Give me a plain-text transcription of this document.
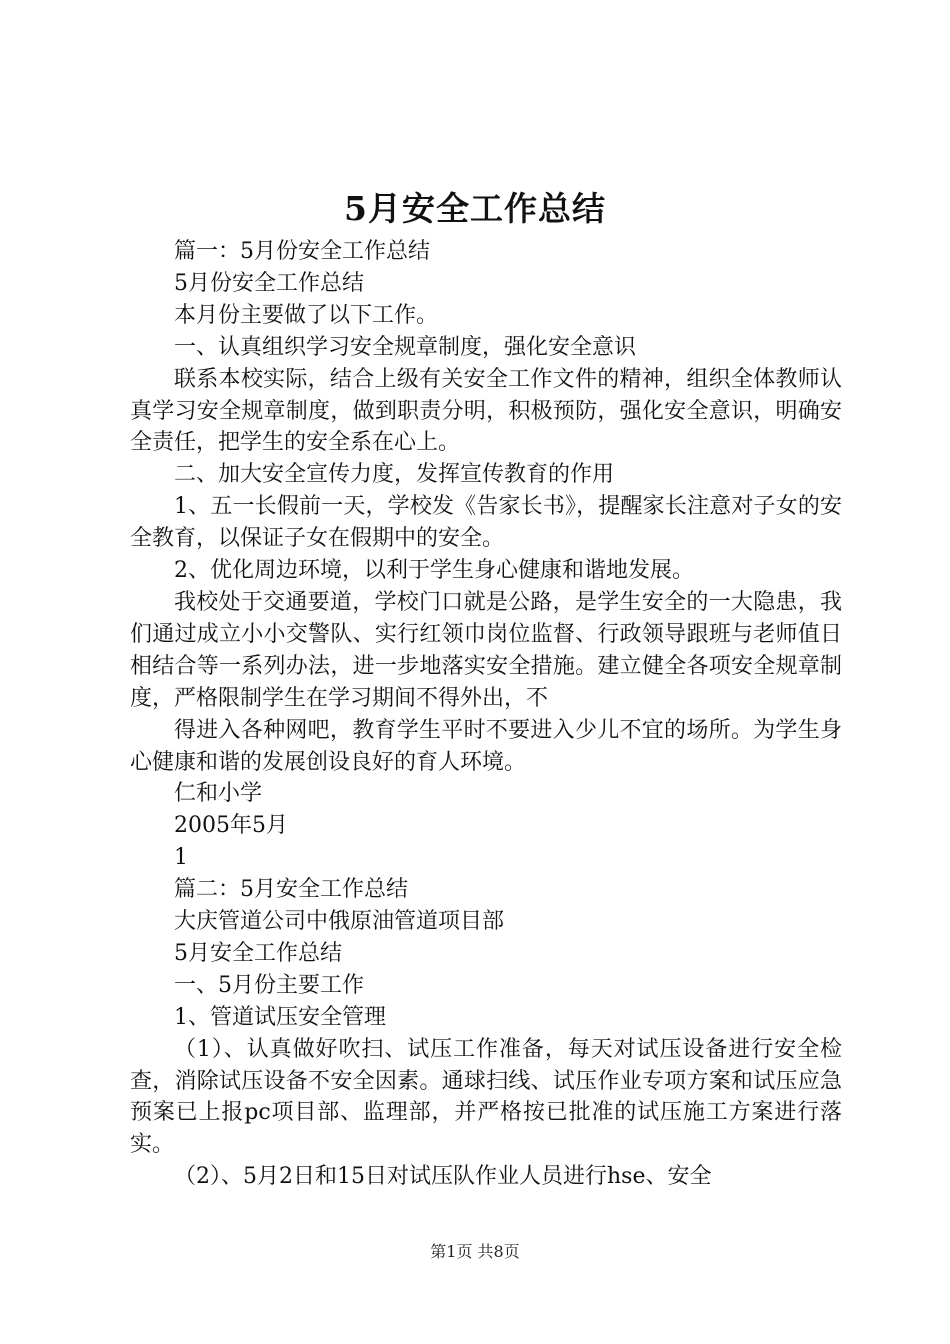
5月安全工作总结

篇一：5月份安全工作总结

5月份安全工作总结

本月份主要做了以下工作。

一、认真组织学习安全规章制度，强化安全意识

联系本校实际，结合上级有关安全工作文件的精神，组织全体教师认真学习安全规章制度，做到职责分明，积极预防，强化安全意识，明确安全责任，把学生的安全系在心上。

二、加大安全宣传力度，发挥宣传教育的作用

1、五一长假前一天，学校发《告家长书》，提醒家长注意对子女的安全教育，以保证子女在假期中的安全。

2、优化周边环境，以利于学生身心健康和谐地发展。

我校处于交通要道，学校门口就是公路，是学生安全的一大隐患，我们通过成立小小交警队、实行红领巾岗位监督、行政领导跟班与老师值日相结合等一系列办法，进一步地落实安全措施。建立健全各项安全规章制度，严格限制学生在学习期间不得外出，不

得进入各种网吧，教育学生平时不要进入少儿不宜的场所。为学生身心健康和谐的发展创设良好的育人环境。

仁和小学

2005年5月

1

篇二：5月安全工作总结

大庆管道公司中俄原油管道项目部

5月安全工作总结

一、5月份主要工作

1、管道试压安全管理

（1）、认真做好吹扫、试压工作准备，每天对试压设备进行安全检查，消除试压设备不安全因素。通球扫线、试压作业专项方案和试压应急预案已上报pc项目部、监理部，并严格按已批准的试压施工方案进行落实。

（2）、5月2日和15日对试压队作业人员进行hse、安全

第1页 共8页
